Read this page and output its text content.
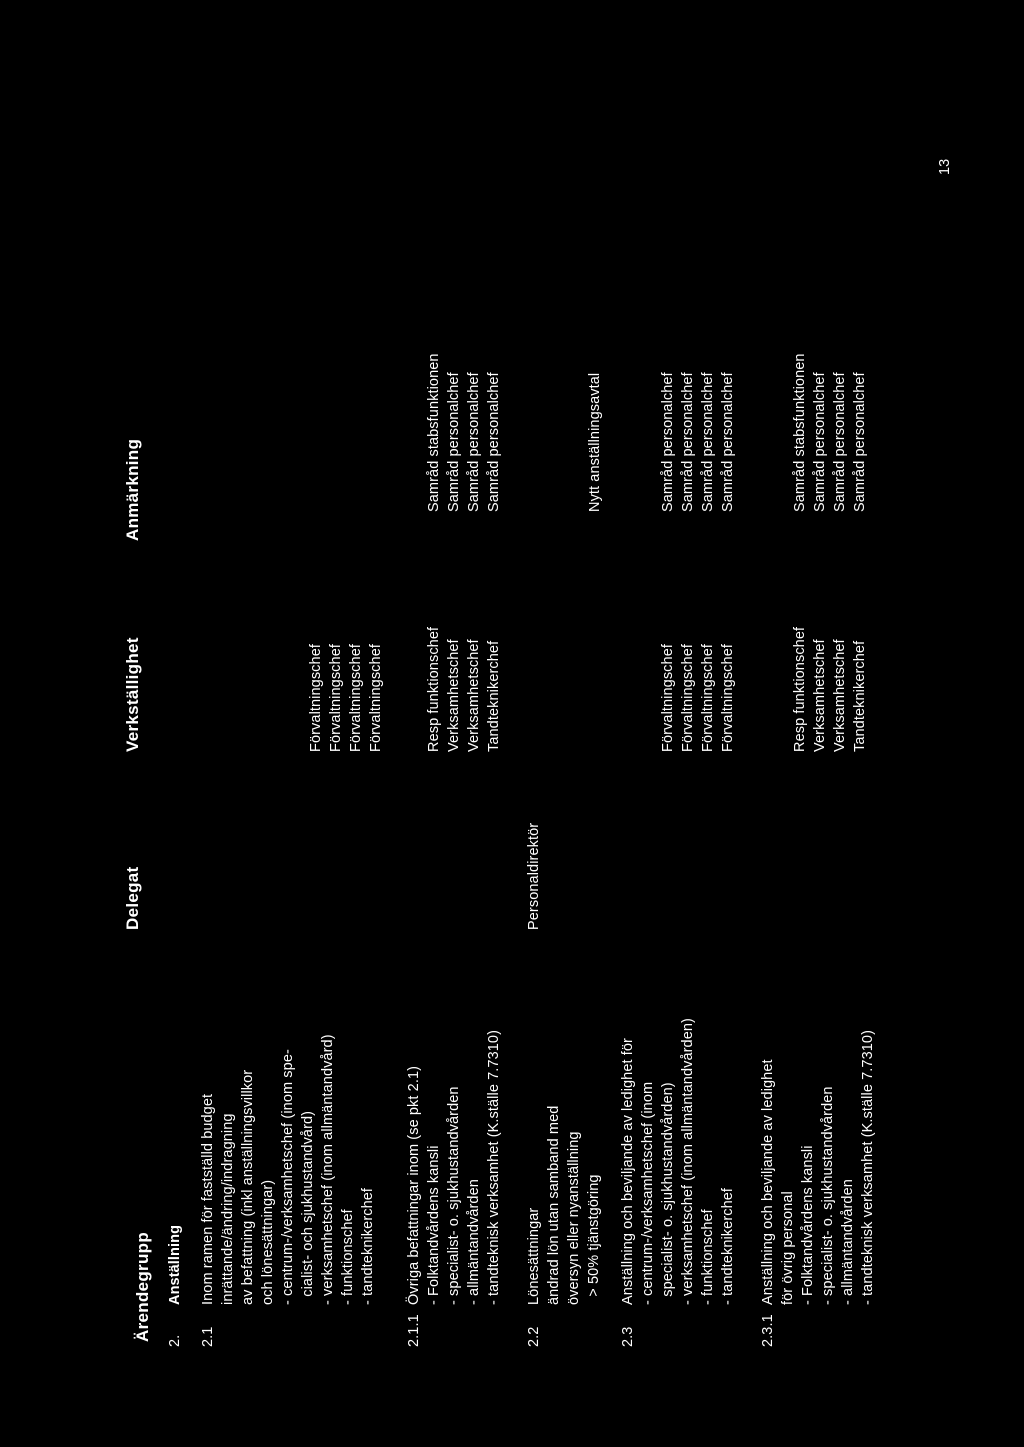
Ärendegrupp
Delegat
Verkställighet
Anmärkning
13
2.
Anställning
2.1
Inom ramen för fastställd budget inrättande/ändring/indragning av befattning (inkl anställningsvillkor och lönesättningar) - centrum-/verksamhetschef (inom spe- cialist- och sjukhustandvård) - verksamhetschef (inom allmäntandvård) - funktionschef - tandteknikerchef
Förvaltningschef Förvaltningschef Förvaltningschef Förvaltningschef
2.1.1
Övriga befattningar inom (se pkt 2.1) - Folktandvårdens kansli - specialist- o. sjukhustandvården - allmäntandvården - tandteknisk verksamhet (K.ställe 7.7310)
Resp funktionschef Verksamhetschef Verksamhetschef Tandteknikerchef
Samråd stabsfunktionen Samråd personalchef Samråd personalchef Samråd personalchef
2.2
Lönesättningar ändrad lön utan samband med översyn eller nyanställning > 50% tjänstgöring
Personaldirektör
Nytt anställningsavtal
2.3
Anställning och beviljande av ledighet för - centrum-/verksamhetschef (inom specialist- o. sjukhustandvården) - verksamhetschef (inom allmäntandvården) - funktionschef - tandteknikerchef
Förvaltningschef Förvaltningschef Förvaltningschef Förvaltningschef
Samråd personalchef Samråd personalchef Samråd personalchef Samråd personalchef
2.3.1
Anställning och beviljande av ledighet för övrig personal - Folktandvårdens kansli - specialist- o. sjukhustandvården - allmäntandvården - tandteknisk verksamhet (K.ställe 7.7310)
Resp funktionschef Verksamhetschef Verksamhetschef Tandteknikerchef
Samråd stabsfunktionen Samråd personalchef Samråd personalchef Samråd personalchef
